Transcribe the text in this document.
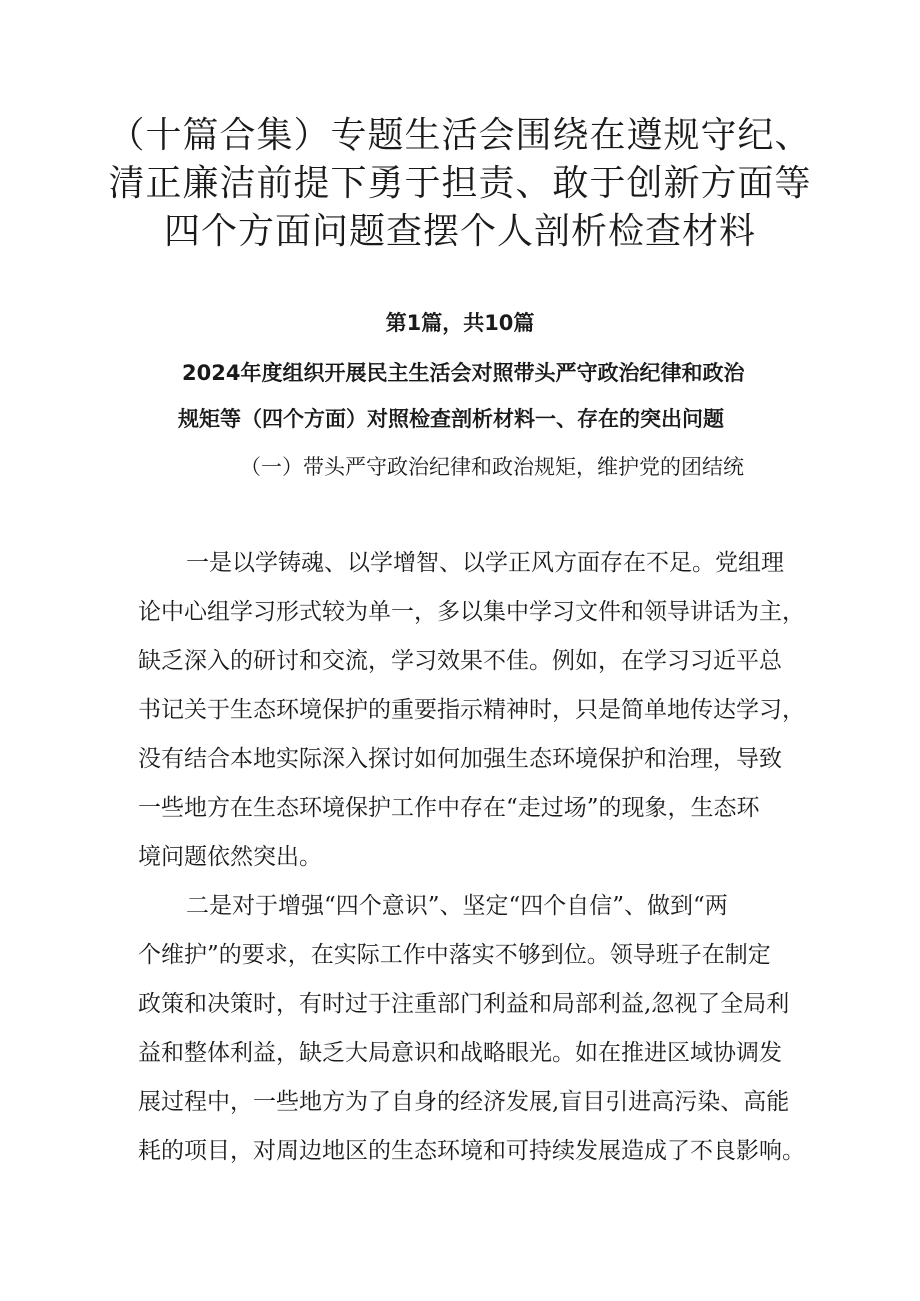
（十篇合集）专题生活会围绕在遵规守纪、
清正廉洁前提下勇于担责、敢于创新方面等
四个方面问题查摆个人剖析检查材料
第1篇，共10篇
2024年度组织开展民主生活会对照带头严守政治纪律和政治
规矩等（四个方面）对照检查剖析材料一、存在的突出问题
（一）带头严守政治纪律和政治规矩，维护党的团结统
一是以学铸魂、以学增智、以学正风方面存在不足。党组理
论中心组学习形式较为单一，多以集中学习文件和领导讲话为主，
缺乏深入的研讨和交流，学习效果不佳。例如，在学习习近平总
书记关于生态环境保护的重要指示精神时，只是简单地传达学习，
没有结合本地实际深入探讨如何加强生态环境保护和治理，导致
一些地方在生态环境保护工作中存在“走过场”的现象，生态环
境问题依然突出。
二是对于增强“四个意识”、坚定“四个自信”、做到“两
个维护”的要求，在实际工作中落实不够到位。领导班子在制定
政策和决策时，有时过于注重部门利益和局部利益,忽视了全局利
益和整体利益，缺乏大局意识和战略眼光。如在推进区域协调发
展过程中，一些地方为了自身的经济发展,盲目引进高污染、高能
耗的项目，对周边地区的生态环境和可持续发展造成了不良影响。
